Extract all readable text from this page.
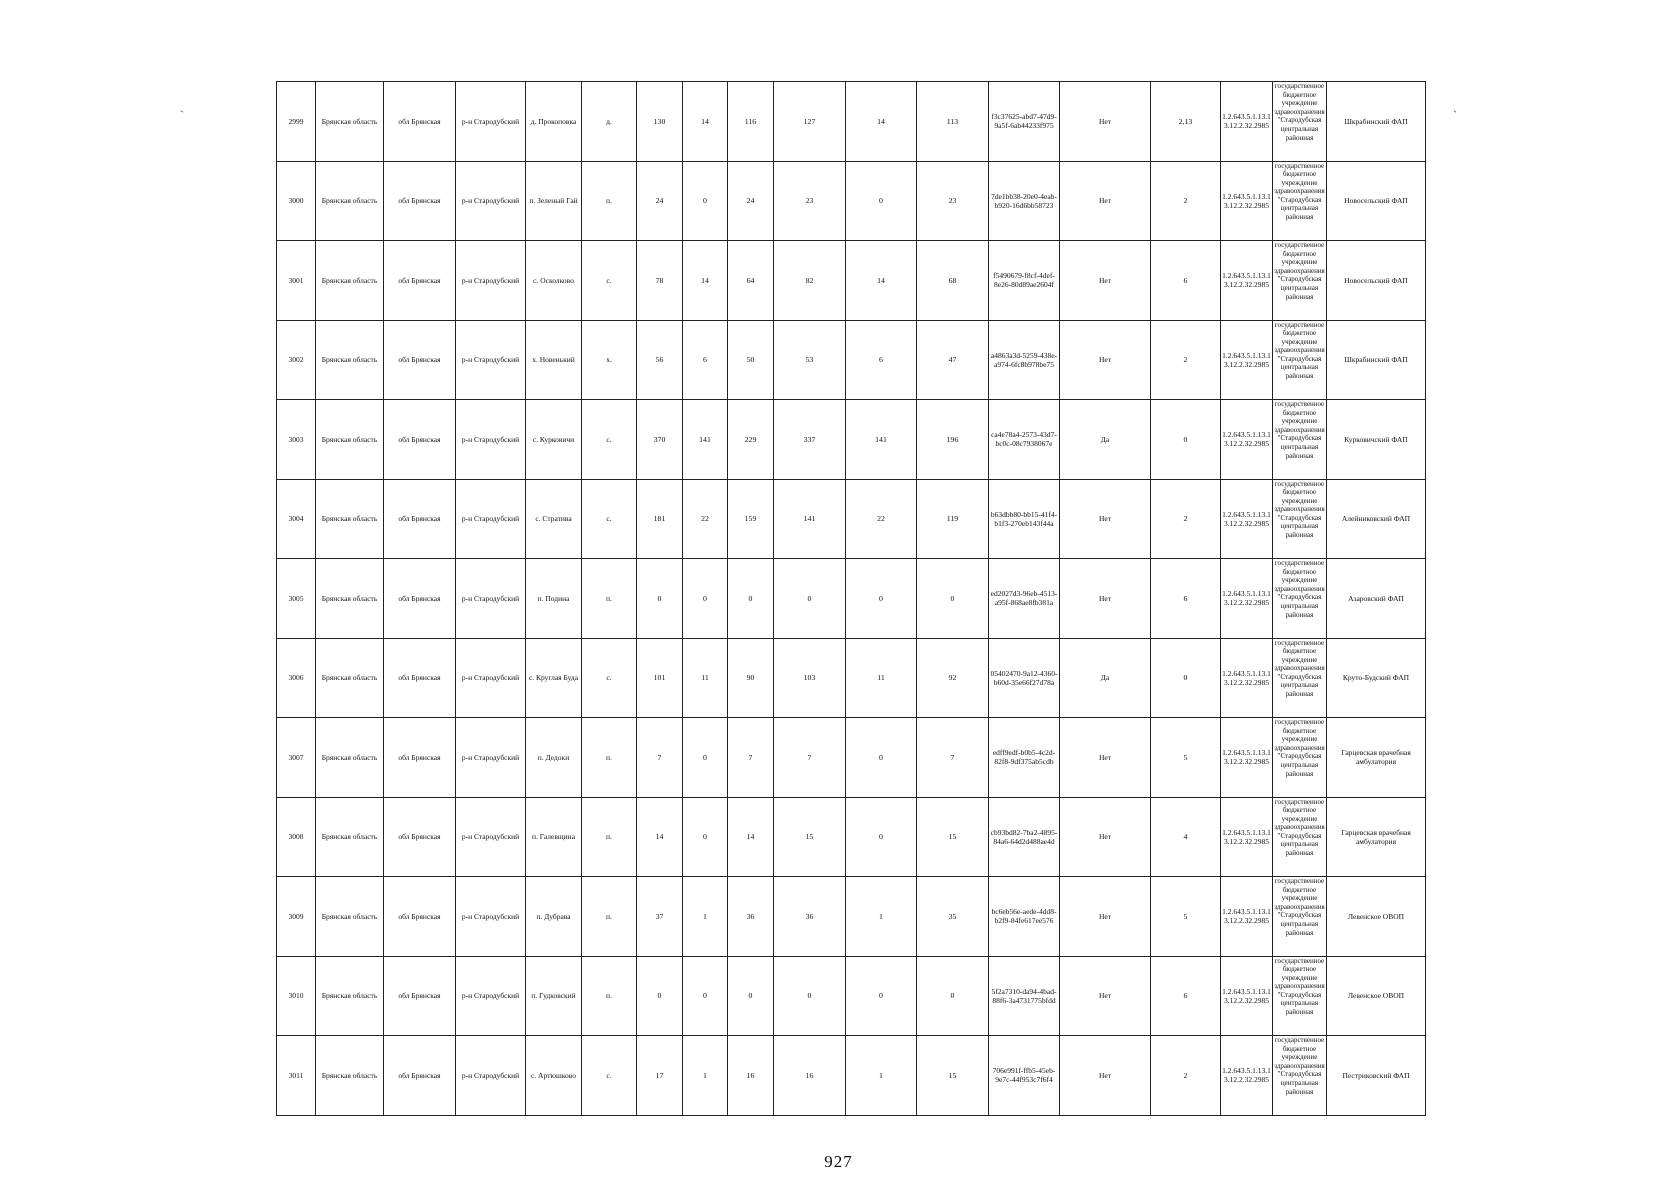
ˋ	ˋ
2999	Брянская область	обл Брянская	р-н Стародубский	д. Прокоповка	д.	130	14	116	127	14	113	f3c37625-abd7-47d9-9a5f-6ab44233f975	Нет	2,13	1.2.643.5.1.13.13.12.2.32.2985	государственное бюджетное учреждение здравоохранения "Стародубская центральная районная	Шкрабинский ФАП
3000	Брянская область	обл Брянская	р-н Стародубский	п. Зеленый Гай	п.	24	0	24	23	0	23	7de1bb38-20e0-4eab-b920-16d6bb58723	Нет	2	1.2.643.5.1.13.13.12.2.32.2985	государственное бюджетное учреждение здравоохранения "Стародубская центральная районная	Новосельский ФАП
3001	Брянская область	обл Брянская	р-н Стародубский	с. Осколково	с.	78	14	64	82	14	68	f5490679-f8cf-4def-8e26-80d89ae2604f	Нет	6	1.2.643.5.1.13.13.12.2.32.2985	государственное бюджетное учреждение здравоохранения "Стародубская центральная районная	Новосельский ФАП
3002	Брянская область	обл Брянская	р-н Стародубский	х. Новенький	х.	56	6	50	53	6	47	a4863a3d-5259-438e-a974-6fc8b978be75	Нет	2	1.2.643.5.1.13.13.12.2.32.2985	государственное бюджетное учреждение здравоохранения "Стародубская центральная районная	Шкрабинский ФАП
3003	Брянская область	обл Брянская	р-н Стародубский	с. Курковичи	с.	370	141	229	337	141	196	ca4e78a4-2573-43d7-bc0c-08c7938067e	Да	0	1.2.643.5.1.13.13.12.2.32.2985	государственное бюджетное учреждение здравоохранения "Стародубская центральная районная	Курковичский ФАП
3004	Брянская область	обл Брянская	р-н Стародубский	с. Стратива	с.	181	22	159	141	22	119	b63dbb80-bb15-41f4-b1f3-270eb143f44a	Нет	2	1.2.643.5.1.13.13.12.2.32.2985	государственное бюджетное учреждение здравоохранения "Стародубская центральная районная	Алейниковский ФАП
3005	Брянская область	обл Брянская	р-н Стародубский	п. Подина	п.	0	0	0	0	0	0	ed2027d3-96eb-4513-a95f-868ae8fb381a	Нет	6	1.2.643.5.1.13.13.12.2.32.2985	государственное бюджетное учреждение здравоохранения "Стародубская центральная районная	Азаровский ФАП
3006	Брянская область	обл Брянская	р-н Стародубский	с. Круглая Буда	с.	101	11	90	103	11	92	05402470-9a12-4360-b60d-35e66f27d78a	Да	0	1.2.643.5.1.13.13.12.2.32.2985	государственное бюджетное учреждение здравоохранения "Стародубская центральная районная	Круто-Будский ФАП
3007	Брянская область	обл Брянская	р-н Стародубский	п. Дедоки	п.	7	0	7	7	0	7	edff9edf-b0b5-4c2d-82f8-9df375ab5cdb	Нет	5	1.2.643.5.1.13.13.12.2.32.2985	государственное бюджетное учреждение здравоохранения "Стародубская центральная районная	Гарцевская врачебная амбулатория
3008	Брянская область	обл Брянская	р-н Стародубский	п. Галевщина	п.	14	0	14	15	0	15	cb93bd82-7ba2-4895-84a6-64d2d488ae4d	Нет	4	1.2.643.5.1.13.13.12.2.32.2985	государственное бюджетное учреждение здравоохранения "Стародубская центральная районная	Гарцевская врачебная амбулатория
3009	Брянская область	обл Брянская	р-н Стародубский	п. Дубрава	п.	37	1	36	36	1	35	bc6eb56e-aede-4dd8-b2f9-84fe617ee576	Нет	5	1.2.643.5.1.13.13.12.2.32.2985	государственное бюджетное учреждение здравоохранения "Стародубская центральная районная	Левенское ОВОП
3010	Брянская область	обл Брянская	р-н Стародубский	п. Гудковский	п.	0	0	0	0	0	0	5f2a7310-da94-4bad-88f6-3a4731775bfdd	Нет	6	1.2.643.5.1.13.13.12.2.32.2985	государственное бюджетное учреждение здравоохранения "Стародубская центральная районная	Левенское ОВОП
3011	Брянская область	обл Брянская	р-н Стародубский	с. Артюшково	с.	17	1	16	16	1	15	706e991f-ffb5-45eb-9e7c-44f953c7f6f4	Нет	2	1.2.643.5.1.13.13.12.2.32.2985	государственное бюджетное учреждение здравоохранения "Стародубская центральная районная	Пестриковский ФАП
927
